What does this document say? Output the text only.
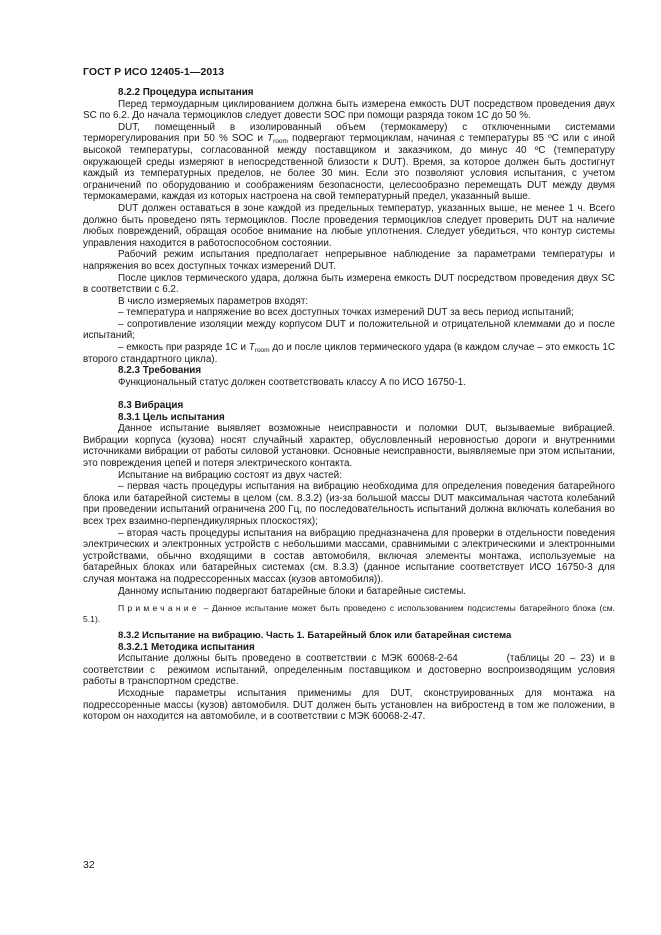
ГОСТ Р ИСО 12405-1—2013
8.2.2 Процедура испытания

Перед термоударным циклированием должна быть измерена емкость DUT посредством проведения двух SC по 6.2. До начала термоциклов следует довести SOC при помощи разряда током 1C до 50 %.

DUT, помещенный в изолированный объем (термокамеру) с отключенными системами терморегулирования при 50 % SOC и $T_{room}$ подвергают термоциклам, начиная с температуры 85 ºС или с иной высокой температуры, согласованной между поставщиком и заказчиком, до минус 40 ºС (температуру окружающей среды измеряют в непосредственной близости к DUT). Время, за которое должен быть достигнут каждый из температурных пределов, не более 30 мин. Если это позволяют условия испытания, с учетом ограничений по оборудованию и соображениям безопасности, целесообразно перемещать DUT между двумя термокамерами, каждая из которых настроена на свой температурный предел, указанный выше.

DUT должен оставаться в зоне каждой из предельных температур, указанных выше, не менее 1 ч. Всего должно быть проведено пять термоциклов. После проведения термоциклов следует проверить DUT на наличие любых повреждений, обращая особое внимание на любые уплотнения. Следует убедиться, что контур системы управления находится в работоспособном состоянии.

Рабочий режим испытания предполагает непрерывное наблюдение за параметрами температуры и напряжения во всех доступных точках измерений DUT.

После циклов термического удара, должна быть измерена емкость DUT посредством проведения двух SC в соответствии с 6.2.

В число измеряемых параметров входят:

– температура и напряжение во всех доступных точках измерений DUT за весь период испытаний;

– сопротивление изоляции между корпусом DUT и положительной и отрицательной клеммами до и после испытаний;

– емкость при разряде 1C и $T_{room}$ до и после циклов термического удара (в каждом случае – это емкость 1C второго стандартного цикла).

8.2.3 Требования

Функциональный статус должен соответствовать классу А по ИСО 16750-1.

8.3 Вибрация
8.3.1 Цель испытания

Данное испытание выявляет возможные неисправности и поломки DUT, вызываемые вибрацией. Вибрации корпуса (кузова) носят случайный характер, обусловленный неровностью дороги и внутренними источниками вибрации от работы силовой установки. Основные неисправности, выявляемые при этом испытании, это повреждения цепей и потеря электрического контакта.

Испытание на вибрацию состоят из двух частей:

– первая часть процедуры испытания на вибрацию необходима для определения поведения батарейного блока или батарейной системы в целом (см. 8.3.2) (из-за большой массы DUT максимальная частота колебаний при проведении испытаний ограничена 200 Гц, по последовательность испытаний должна включать колебания во всех трех взаимно-перпендикулярных плоскостях);

– вторая часть процедуры испытания на вибрацию предназначена для проверки в отдельности поведения электрических и электронных устройств с небольшими массами, сравнимыми с электрическими и электронными устройствами, обычно входящими в состав автомобиля, включая элементы монтажа, используемые на батарейных блоках или батарейных системах (см. 8.3.3) (данное испытание соответствует ИСО 16750-3 для случая монтажа на подрессоренных массах (кузов автомобиля)).

Данному испытанию подвергают батарейные блоки и батарейные системы.

Примечание – Данное испытание может быть проведено с использованием подсистемы батарейного блока (см. 5.1).

8.3.2 Испытание на вибрацию. Часть 1. Батарейный блок или батарейная система
8.3.2.1 Методика испытания

Испытание должны быть проведено в соответствии с МЭК 60068-2-64          (таблицы 20 – 23) и в соответствии с  режимом испытаний, определенным поставщиком и достоверно воспроизводящим условия работы в транспортном средстве.

Исходные параметры испытания применимы для DUT, сконструированных для монтажа на подрессоренные массы (кузов) автомобиля. DUT должен быть установлен на вибростенд в том же положении, в котором он находится на автомобиле, и в соответствии с МЭК 60068-2-47.

32
